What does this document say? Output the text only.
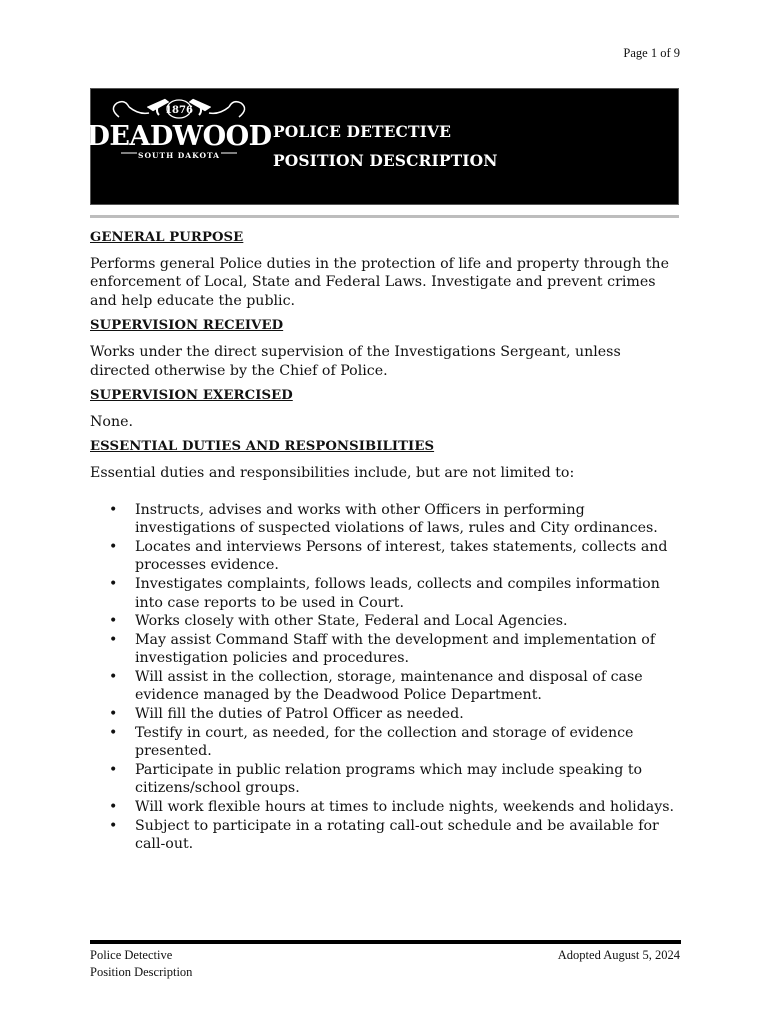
Page 1 of 9
1876
DEADWOOD
SOUTH DAKOTA
POLICE DETECTIVE
POSITION DESCRIPTION
GENERAL PURPOSE
Performs general Police duties in the protection of life and property through the enforcement of Local, State and Federal Laws. Investigate and prevent crimes and help educate the public.
SUPERVISION RECEIVED
Works under the direct supervision of the Investigations Sergeant, unless directed otherwise by the Chief of Police.
SUPERVISION EXERCISED
None.
ESSENTIAL DUTIES AND RESPONSIBILITIES
Essential duties and responsibilities include, but are not limited to:
• Instructs, advises and works with other Officers in performing investigations of suspected violations of laws, rules and City ordinances.
• Locates and interviews Persons of interest, takes statements, collects and processes evidence.
• Investigates complaints, follows leads, collects and compiles information into case reports to be used in Court.
• Works closely with other State, Federal and Local Agencies.
• May assist Command Staff with the development and implementation of investigation policies and procedures.
• Will assist in the collection, storage, maintenance and disposal of case evidence managed by the Deadwood Police Department.
• Will fill the duties of Patrol Officer as needed.
• Testify in court, as needed, for the collection and storage of evidence presented.
• Participate in public relation programs which may include speaking to citizens/school groups.
• Will work flexible hours at times to include nights, weekends and holidays.
• Subject to participate in a rotating call-out schedule and be available for call-out.
Police Detective
Position Description
Adopted August 5, 2024
